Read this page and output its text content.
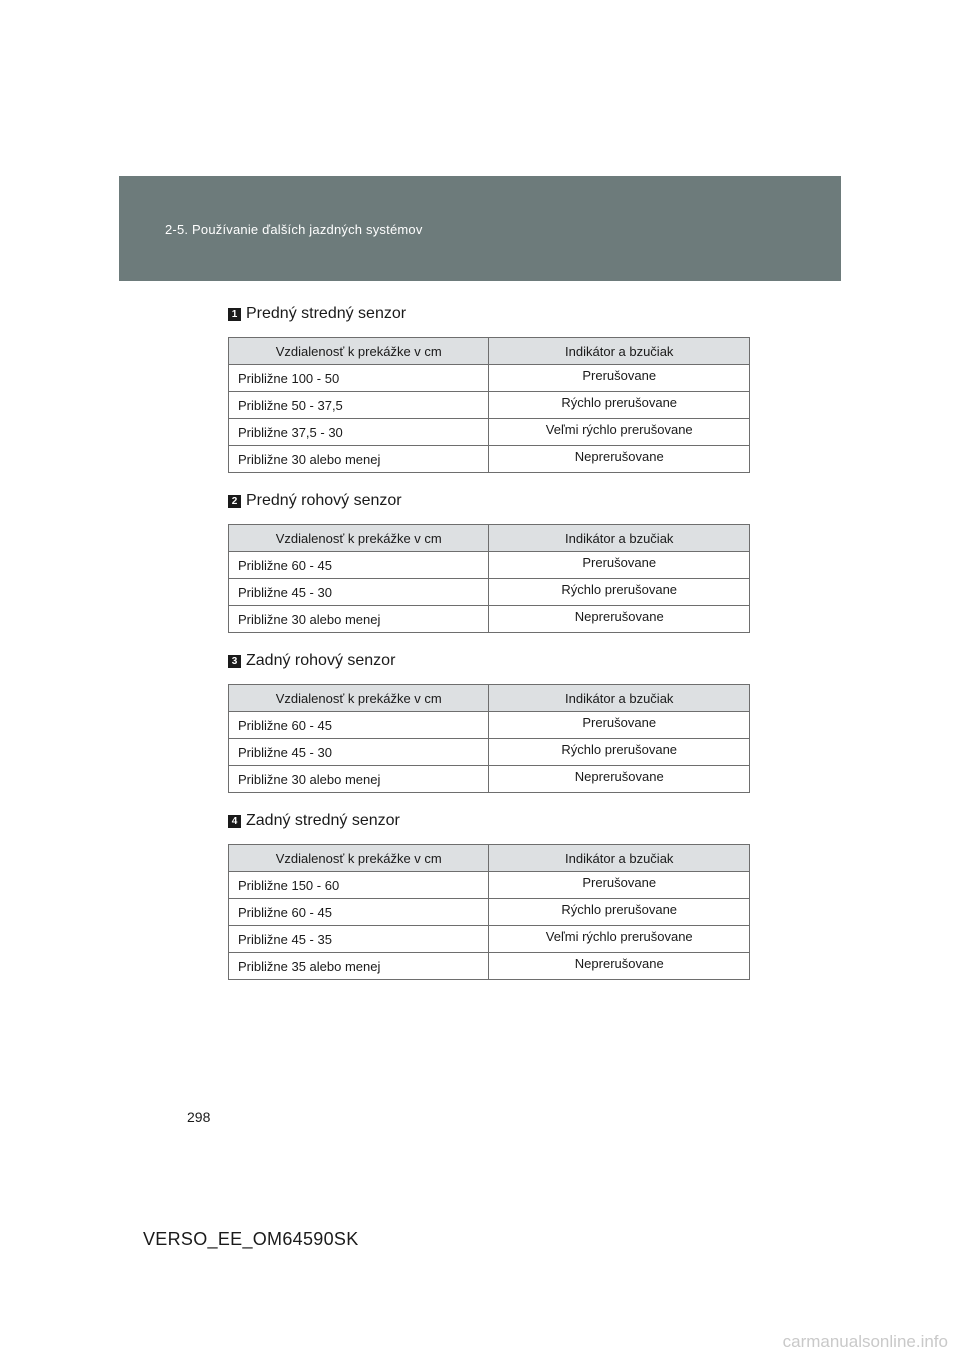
2-5. Používanie ďalších jazdných systémov
1 Predný stredný senzor
Vzdialenosť k prekážke v cm	Indikátor a bzučiak
Približne 100 - 50	Prerušovane
Približne 50 - 37,5	Rýchlo prerušovane
Približne 37,5 - 30	Veľmi rýchlo prerušovane
Približne 30 alebo menej	Neprerušovane
2 Predný rohový senzor
Vzdialenosť k prekážke v cm	Indikátor a bzučiak
Približne 60 - 45	Prerušovane
Približne 45 - 30	Rýchlo prerušovane
Približne 30 alebo menej	Neprerušovane
3 Zadný rohový senzor
Vzdialenosť k prekážke v cm	Indikátor a bzučiak
Približne 60 - 45	Prerušovane
Približne 45 - 30	Rýchlo prerušovane
Približne 30 alebo menej	Neprerušovane
4 Zadný stredný senzor
Vzdialenosť k prekážke v cm	Indikátor a bzučiak
Približne 150 - 60	Prerušovane
Približne 60 - 45	Rýchlo prerušovane
Približne 45 - 35	Veľmi rýchlo prerušovane
Približne 35 alebo menej	Neprerušovane
298
VERSO_EE_OM64590SK
carmanualsonline.info
